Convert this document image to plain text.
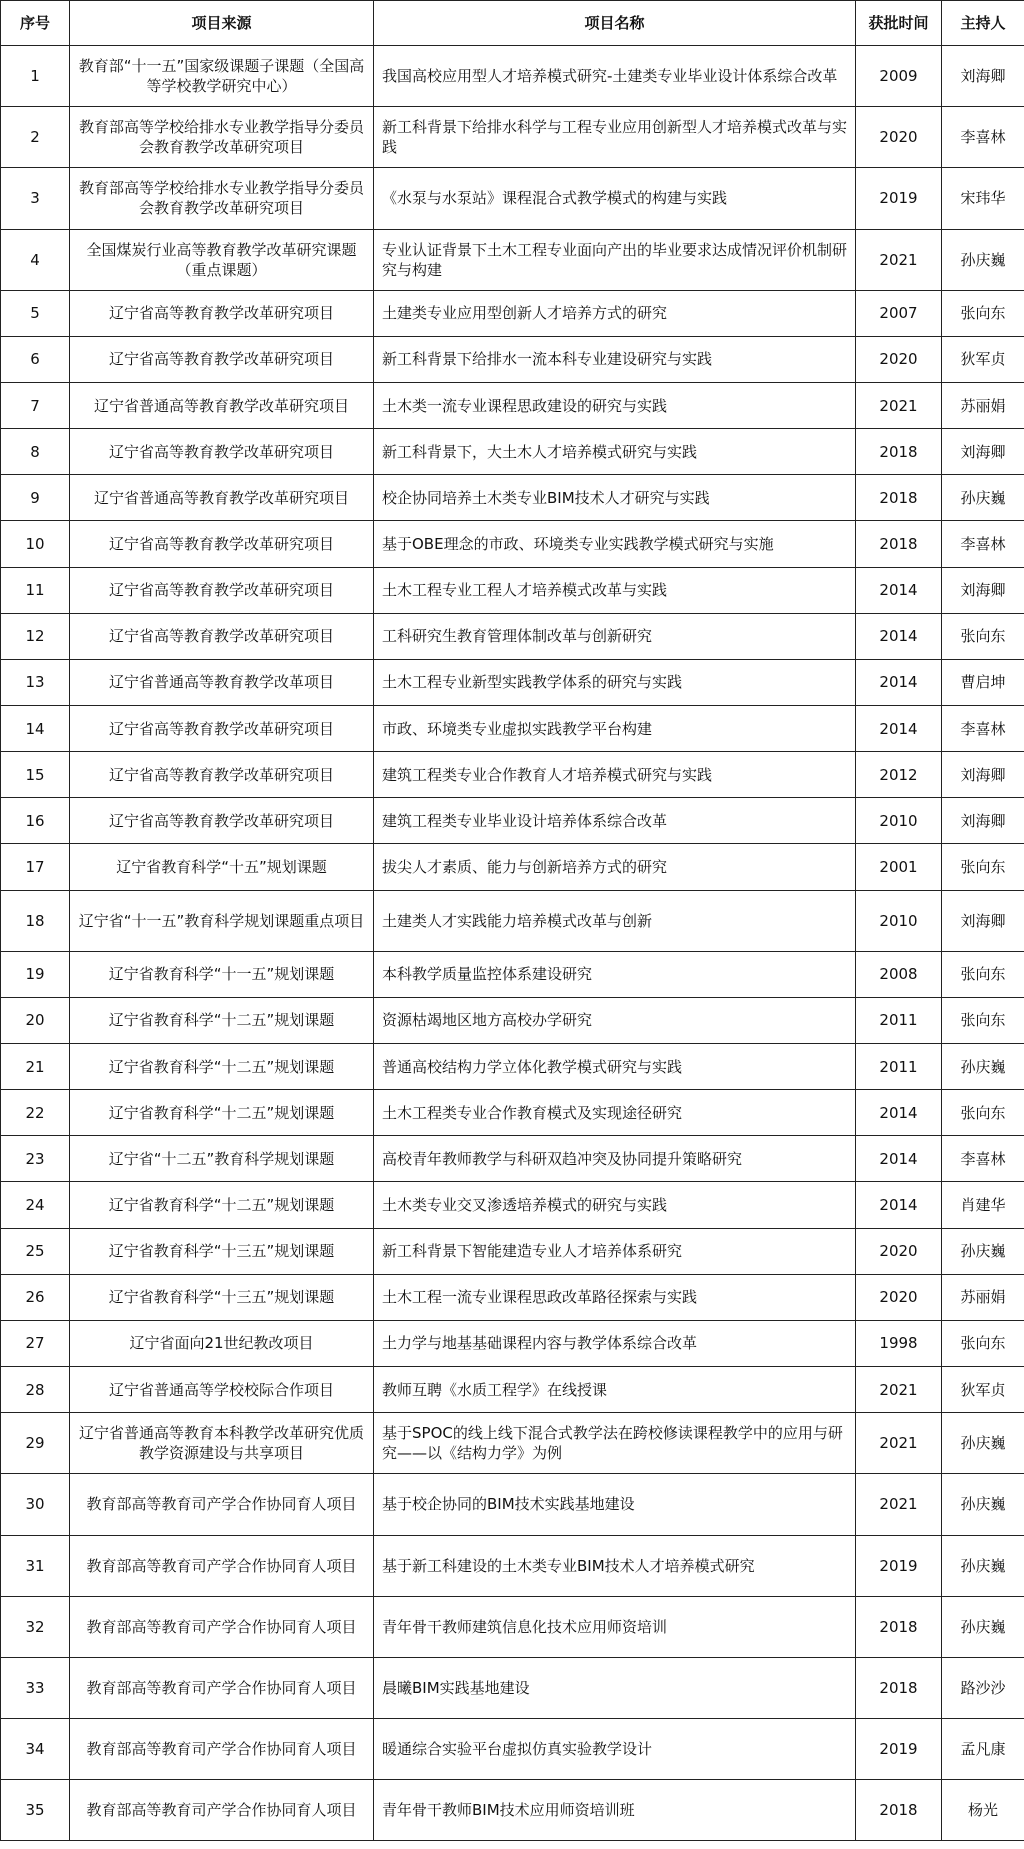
序号	项目来源	项目名称	获批时间	主持人
1	教育部“十一五”国家级课题子课题（全国高等学校教学研究中心）	我国高校应用型人才培养模式研究-土建类专业毕业设计体系综合改革	2009	刘海卿
2	教育部高等学校给排水专业教学指导分委员会教育教学改革研究项目	新工科背景下给排水科学与工程专业应用创新型人才培养模式改革与实践	2020	李喜林
3	教育部高等学校给排水专业教学指导分委员会教育教学改革研究项目	《水泵与水泵站》课程混合式教学模式的构建与实践	2019	宋玮华
4	全国煤炭行业高等教育教学改革研究课题（重点课题）	专业认证背景下土木工程专业面向产出的毕业要求达成情况评价机制研究与构建	2021	孙庆巍
5	辽宁省高等教育教学改革研究项目	土建类专业应用型创新人才培养方式的研究	2007	张向东
6	辽宁省高等教育教学改革研究项目	新工科背景下给排水一流本科专业建设研究与实践	2020	狄军贞
7	辽宁省普通高等教育教学改革研究项目	土木类一流专业课程思政建设的研究与实践	2021	苏丽娟
8	辽宁省高等教育教学改革研究项目	新工科背景下，大土木人才培养模式研究与实践	2018	刘海卿
9	辽宁省普通高等教育教学改革研究项目	校企协同培养土木类专业BIM技术人才研究与实践	2018	孙庆巍
10	辽宁省高等教育教学改革研究项目	基于OBE理念的市政、环境类专业实践教学模式研究与实施	2018	李喜林
11	辽宁省高等教育教学改革研究项目	土木工程专业工程人才培养模式改革与实践	2014	刘海卿
12	辽宁省高等教育教学改革研究项目	工科研究生教育管理体制改革与创新研究	2014	张向东
13	辽宁省普通高等教育教学改革项目	土木工程专业新型实践教学体系的研究与实践	2014	曹启坤
14	辽宁省高等教育教学改革研究项目	市政、环境类专业虚拟实践教学平台构建	2014	李喜林
15	辽宁省高等教育教学改革研究项目	建筑工程类专业合作教育人才培养模式研究与实践	2012	刘海卿
16	辽宁省高等教育教学改革研究项目	建筑工程类专业毕业设计培养体系综合改革	2010	刘海卿
17	辽宁省教育科学“十五”规划课题	拔尖人才素质、能力与创新培养方式的研究	2001	张向东
18	辽宁省“十一五”教育科学规划课题重点项目	土建类人才实践能力培养模式改革与创新	2010	刘海卿
19	辽宁省教育科学“十一五”规划课题	本科教学质量监控体系建设研究	2008	张向东
20	辽宁省教育科学“十二五”规划课题	资源枯竭地区地方高校办学研究	2011	张向东
21	辽宁省教育科学“十二五”规划课题	普通高校结构力学立体化教学模式研究与实践	2011	孙庆巍
22	辽宁省教育科学“十二五”规划课题	土木工程类专业合作教育模式及实现途径研究	2014	张向东
23	辽宁省“十二五”教育科学规划课题	高校青年教师教学与科研双趋冲突及协同提升策略研究	2014	李喜林
24	辽宁省教育科学“十二五”规划课题	土木类专业交叉渗透培养模式的研究与实践	2014	肖建华
25	辽宁省教育科学“十三五”规划课题	新工科背景下智能建造专业人才培养体系研究	2020	孙庆巍
26	辽宁省教育科学“十三五”规划课题	土木工程一流专业课程思政改革路径探索与实践	2020	苏丽娟
27	辽宁省面向21世纪教改项目	土力学与地基基础课程内容与教学体系综合改革	1998	张向东
28	辽宁省普通高等学校校际合作项目	教师互聘《水质工程学》在线授课	2021	狄军贞
29	辽宁省普通高等教育本科教学改革研究优质教学资源建设与共享项目	基于SPOC的线上线下混合式教学法在跨校修读课程教学中的应用与研究——以《结构力学》为例	2021	孙庆巍
30	教育部高等教育司产学合作协同育人项目	基于校企协同的BIM技术实践基地建设	2021	孙庆巍
31	教育部高等教育司产学合作协同育人项目	基于新工科建设的土木类专业BIM技术人才培养模式研究	2019	孙庆巍
32	教育部高等教育司产学合作协同育人项目	青年骨干教师建筑信息化技术应用师资培训	2018	孙庆巍
33	教育部高等教育司产学合作协同育人项目	晨曦BIM实践基地建设	2018	路沙沙
34	教育部高等教育司产学合作协同育人项目	暖通综合实验平台虚拟仿真实验教学设计	2019	孟凡康
35	教育部高等教育司产学合作协同育人项目	青年骨干教师BIM技术应用师资培训班	2018	杨光
